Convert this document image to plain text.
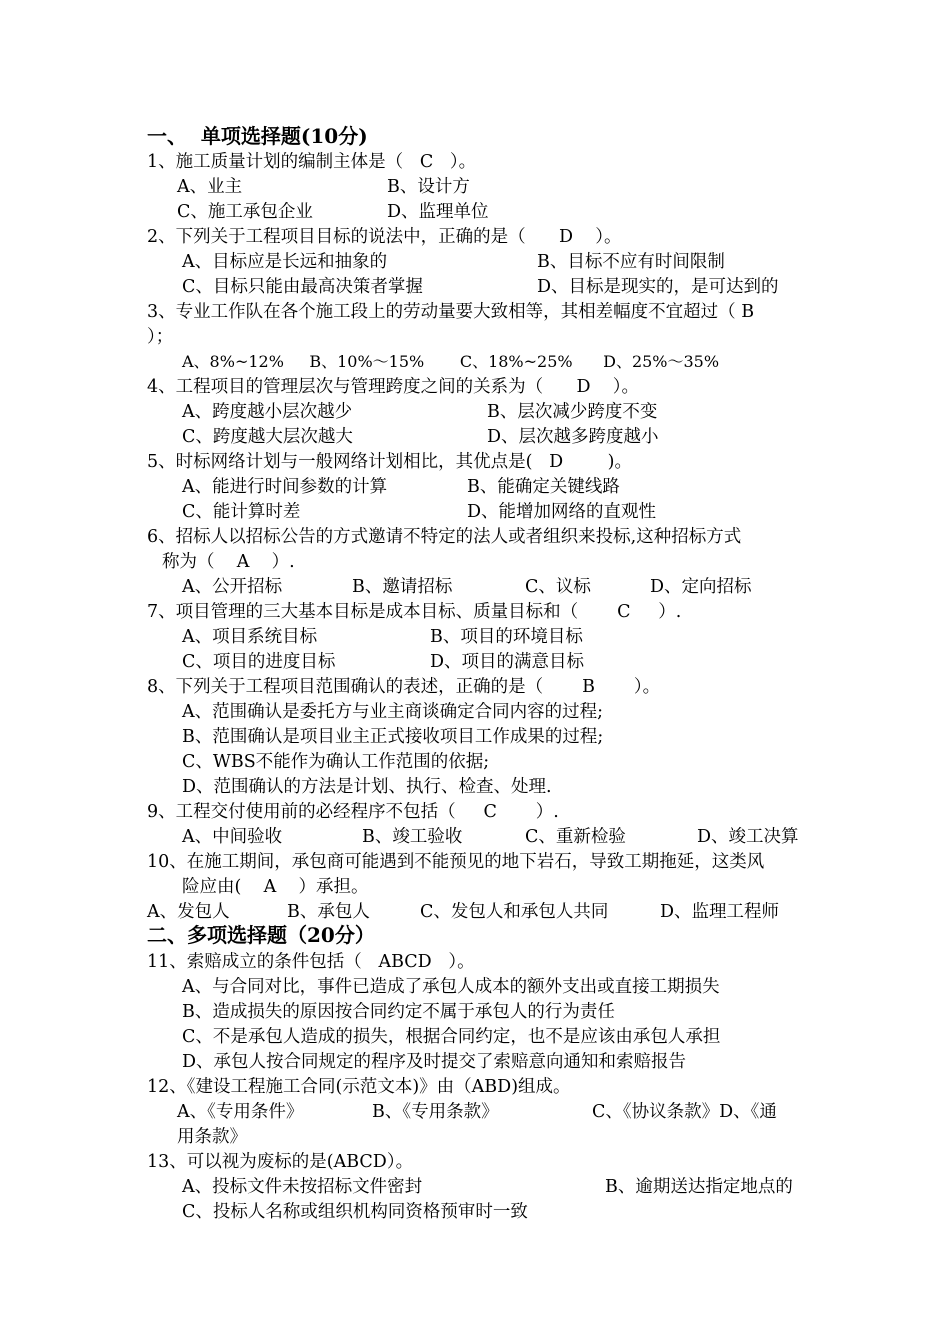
一、  单项选择题(10分)
1、施工质量计划的编制主体是（   C   ）。
A、业主	B、设计方
C、施工承包企业	D、监理单位
2、下列关于工程项目目标的说法中，正确的是（      D    ）。
A、目标应是长远和抽象的	B、目标不应有时间限制
C、目标只能由最高决策者掌握	D、目标是现实的，是可达到的
3、专业工作队在各个施工段上的劳动量要大致相等，其相差幅度不宜超过（ B
）；
A、8%~12%     B、10%～15%       C、18%~25%      D、25%～35%
4、工程项目的管理层次与管理跨度之间的关系为（      D    ）。
A、跨度越小层次越少	B、层次减少跨度不变
C、跨度越大层次越大	D、层次越多跨度越小
5、时标网络计划与一般网络计划相比，其优点是(   D        )。
A、能进行时间参数的计算	B、能确定关键线路
C、能计算时差	D、能增加网络的直观性
6、招标人以招标公告的方式邀请不特定的法人或者组织来投标,这种招标方式
称为（    A    ）.
A、公开招标	B、邀请招标	C、议标	D、定向招标
7、项目管理的三大基本目标是成本目标、质量目标和（       C     ）.
A、项目系统目标	B、项目的环境目标
C、项目的进度目标	D、项目的满意目标
8、下列关于工程项目范围确认的表述，正确的是（       B       ）。
A、范围确认是委托方与业主商谈确定合同内容的过程;
B、范围确认是项目业主正式接收项目工作成果的过程;
C、WBS不能作为确认工作范围的依据;
D、范围确认的方法是计划、执行、检查、处理.
9、工程交付使用前的必经程序不包括（     C       ）.
A、中间验收	B、竣工验收	C、重新检验	D、竣工决算
10、在施工期间，承包商可能遇到不能预见的地下岩石，导致工期拖延，这类风
险应由(    A    ）承担。
A、发包人	B、承包人	C、发包人和承包人共同	D、监理工程师
二、多项选择题（20分）
11、索赔成立的条件包括（   ABCD   ）。
A、与合同对比，事件已造成了承包人成本的额外支出或直接工期损失
B、造成损失的原因按合同约定不属于承包人的行为责任
C、不是承包人造成的损失，根据合同约定，也不是应该由承包人承担
D、承包人按合同规定的程序及时提交了索赔意向通知和索赔报告
12、《建设工程施工合同(示范文本)》由（ABD)组成。
A、《专用条件》	B、《专用条款》	C、《协议条款》D、《通
用条款》
13、可以视为废标的是(ABCD）。
A、投标文件未按招标文件密封	B、逾期送达指定地点的
C、投标人名称或组织机构同资格预审时一致
